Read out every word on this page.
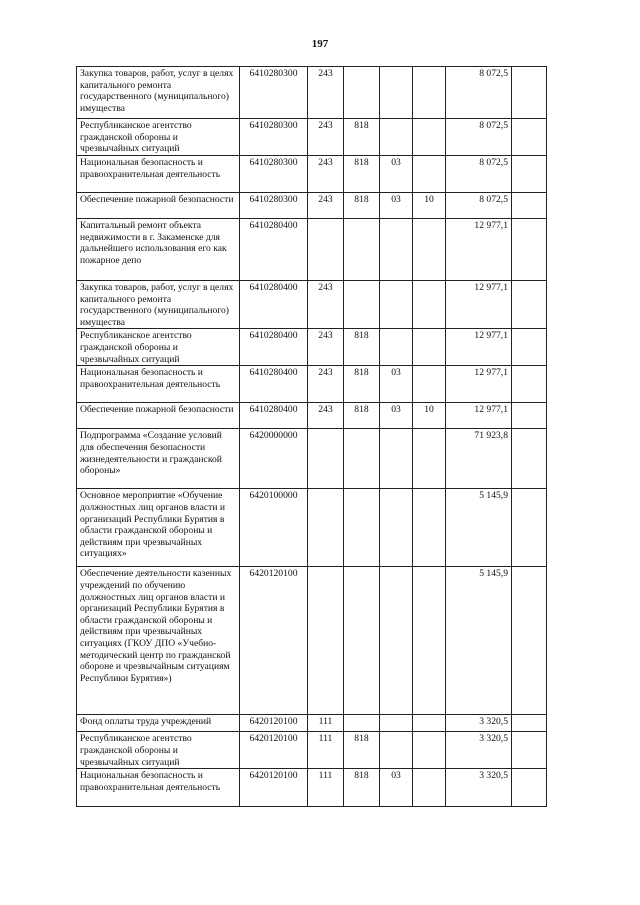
197
Закупка товаров, работ, услуг в целях капитального ремонта государственного (муниципального) имущества	6410280300	243				8 072,5	
Республиканское агентство гражданской обороны и чрезвычайных ситуаций	6410280300	243	818			8 072,5	
Национальная безопасность и правоохранительная деятельность	6410280300	243	818	03		8 072,5	
Обеспечение пожарной безопасности	6410280300	243	818	03	10	8 072,5	
Капитальный ремонт объекта недвижимости в г. Закаменске для дальнейшего использования его как пожарное депо	6410280400					12 977,1	
Закупка товаров, работ, услуг в целях капитального ремонта государственного (муниципального) имущества	6410280400	243				12 977,1	
Республиканское агентство гражданской обороны и чрезвычайных ситуаций	6410280400	243	818			12 977,1	
Национальная безопасность и правоохранительная деятельность	6410280400	243	818	03		12 977,1	
Обеспечение пожарной безопасности	6410280400	243	818	03	10	12 977,1	
Подпрограмма «Создание условий для обеспечения безопасности жизнедеятельности и гражданской обороны»	6420000000					71 923,8	
Основное мероприятие «Обучение должностных лиц органов власти и организаций Республики Бурятия в области гражданской обороны и действиям при чрезвычайных ситуациях»	6420100000					5 145,9	
Обеспечение деятельности казенных учреждений по обучению должностных лиц органов власти и организаций Республики Бурятия в области гражданской обороны и действиям при чрезвычайных ситуациях (ГКОУ ДПО «Учебно-методический центр по гражданской обороне и чрезвычайным ситуациям Республики Бурятия»)	6420120100					5 145,9	
Фонд оплаты труда учреждений	6420120100	111				3 320,5	
Республиканское агентство гражданской обороны и чрезвычайных ситуаций	6420120100	111	818			3 320,5	
Национальная безопасность и правоохранительная деятельность	6420120100	111	818	03		3 320,5	
